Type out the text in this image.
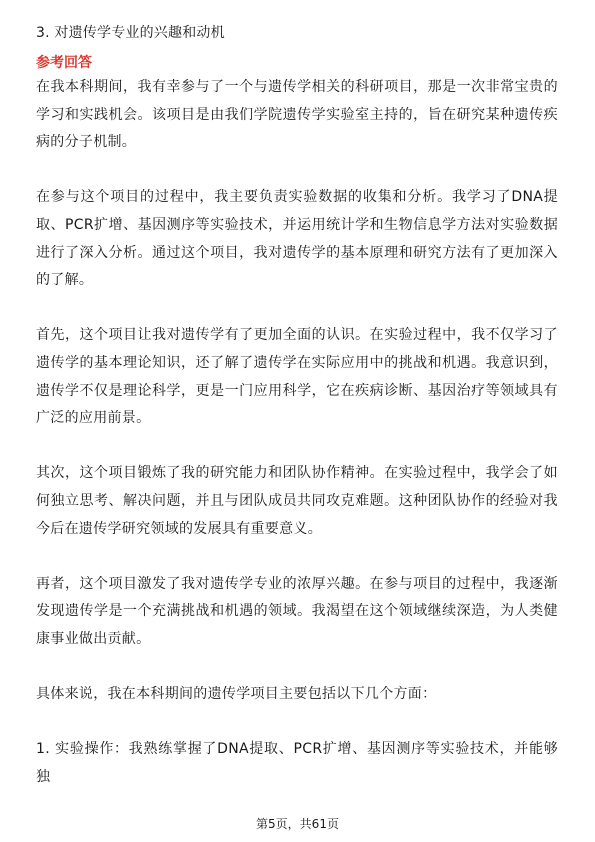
3. 对遗传学专业的兴趣和动机

参考回答

在我本科期间，我有幸参与了一个与遗传学相关的科研项目，那是一次非常宝贵的学习和实践机会。该项目是由我们学院遗传学实验室主持的，旨在研究某种遗传疾病的分子机制。

在参与这个项目的过程中，我主要负责实验数据的收集和分析。我学习了DNA提取、PCR扩增、基因测序等实验技术，并运用统计学和生物信息学方法对实验数据进行了深入分析。通过这个项目，我对遗传学的基本原理和研究方法有了更加深入的了解。

首先，这个项目让我对遗传学有了更加全面的认识。在实验过程中，我不仅学习了遗传学的基本理论知识，还了解了遗传学在实际应用中的挑战和机遇。我意识到，遗传学不仅是理论科学，更是一门应用科学，它在疾病诊断、基因治疗等领域具有广泛的应用前景。

其次，这个项目锻炼了我的研究能力和团队协作精神。在实验过程中，我学会了如何独立思考、解决问题，并且与团队成员共同攻克难题。这种团队协作的经验对我今后在遗传学研究领域的发展具有重要意义。

再者，这个项目激发了我对遗传学专业的浓厚兴趣。在参与项目的过程中，我逐渐发现遗传学是一个充满挑战和机遇的领域。我渴望在这个领域继续深造，为人类健康事业做出贡献。

具体来说，我在本科期间的遗传学项目主要包括以下几个方面：

1. 实验操作：我熟练掌握了DNA提取、PCR扩增、基因测序等实验技术，并能够独

第5页，共61页
